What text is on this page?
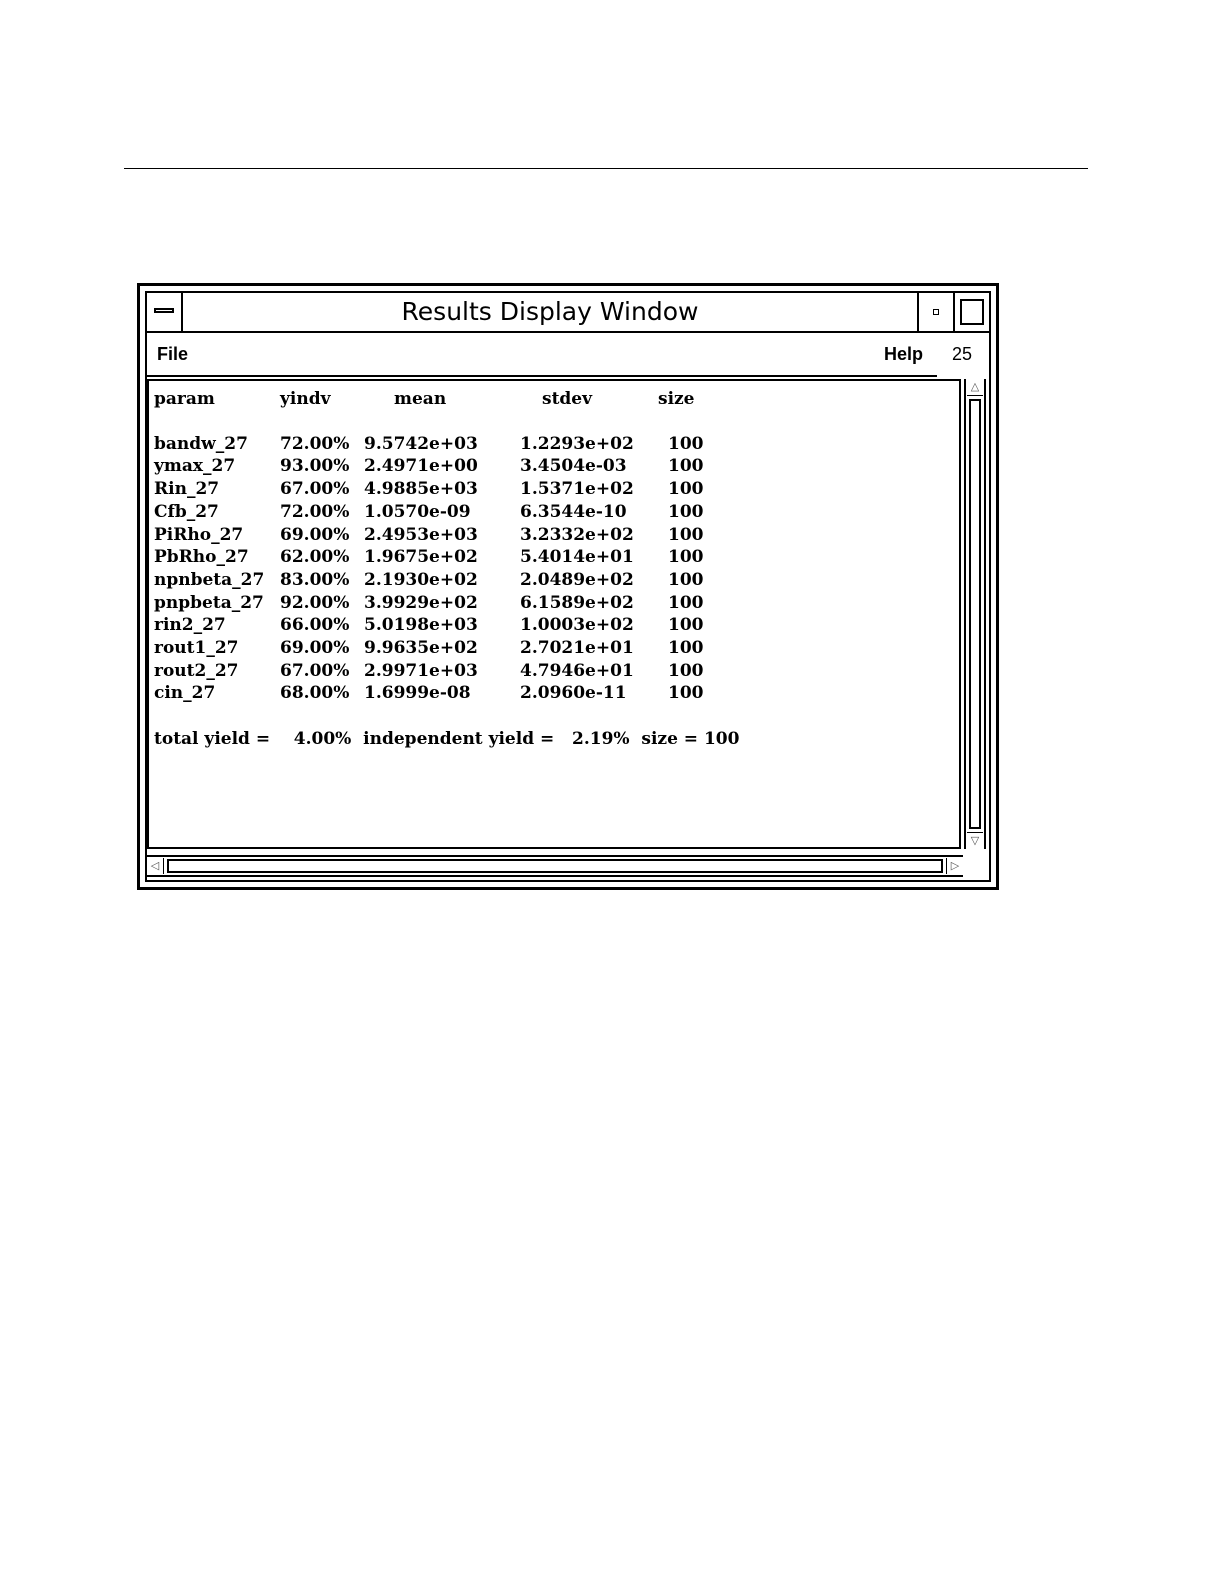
Results Display Window
File	Help
param	yindv	mean	stdev	size

bandw_27	72.00%	9.5742e+03	1.2293e+02	100
ymax_27	93.00%	2.4971e+00	3.4504e-03	100
Rin_27	67.00%	4.9885e+03	1.5371e+02	100
Cfb_27	72.00%	1.0570e-09	6.3544e-10	100
PiRho_27	69.00%	2.4953e+03	3.2332e+02	100
PbRho_27	62.00%	1.9675e+02	5.4014e+01	100
npnbeta_27	83.00%	2.1930e+02	2.0489e+02	100
pnpbeta_27	92.00%	3.9929e+02	6.1589e+02	100
rin2_27	66.00%	5.0198e+03	1.0003e+02	100
rout1_27	69.00%	9.9635e+02	2.7021e+01	100
rout2_27	67.00%	2.9971e+03	4.7946e+01	100
cin_27	68.00%	1.6999e-08	2.0960e-11	100
total yield =    4.00%  independent yield =   2.19%  size = 100
△
▽
◁	▷
25
